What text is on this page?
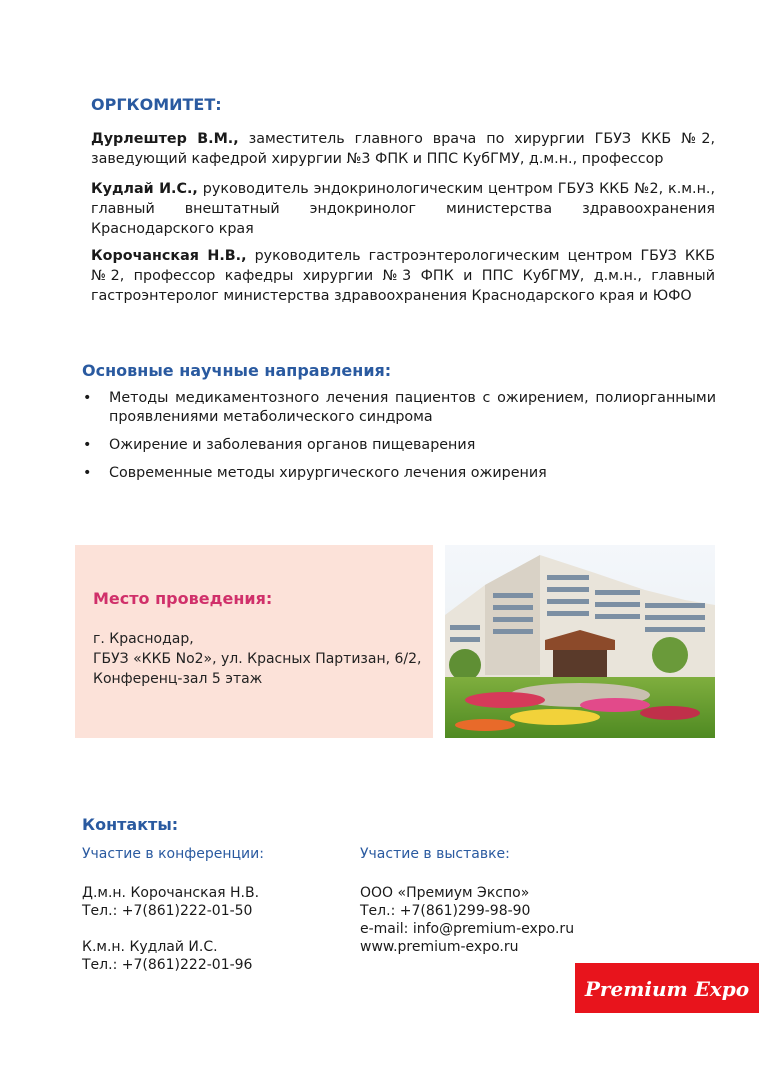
ОРГКОМИТЕТ:

Дурлештер В.М., заместитель главного врача по хирургии ГБУЗ ККБ №2, заведующий кафедрой хирургии №3 ФПК и ППС КубГМУ, д.м.н., профессор

Кудлай И.С., руководитель эндокринологическим центром ГБУЗ ККБ №2, к.м.н., главный внештатный эндокринолог министерства здравоохранения Краснодарского края

Корочанская Н.В., руководитель гастроэнтерологическим центром ГБУЗ ККБ №2, профессор кафедры хирургии №3 ФПК и ППС КубГМУ, д.м.н., главный гастроэнтеролог министерства здравоохранения Краснодарского края и ЮФО

Основные научные направления:
• Методы медикаментозного лечения пациентов с ожирением, полиорганными проявлениями метаболического синдрома
• Ожирение и заболевания органов пищеварения
• Современные методы хирургического лечения ожирения
Место проведения:
г. Краснодар,
ГБУЗ «ККБ No2», ул. Красных Партизан, 6/2,
Конференц-зал 5 этаж
Контакты:
Участие в конференции:
Д.м.н. Корочанская Н.В.
Тел.: +7(861)222-01-50
К.м.н. Кудлай И.С.
Тел.: +7(861)222-01-96
Участие в выставке:
ООО «Премиум Экспо»
Тел.: +7(861)299-98-90
e-mail: info@premium-expo.ru
www.premium-expo.ru
Premium Expo
